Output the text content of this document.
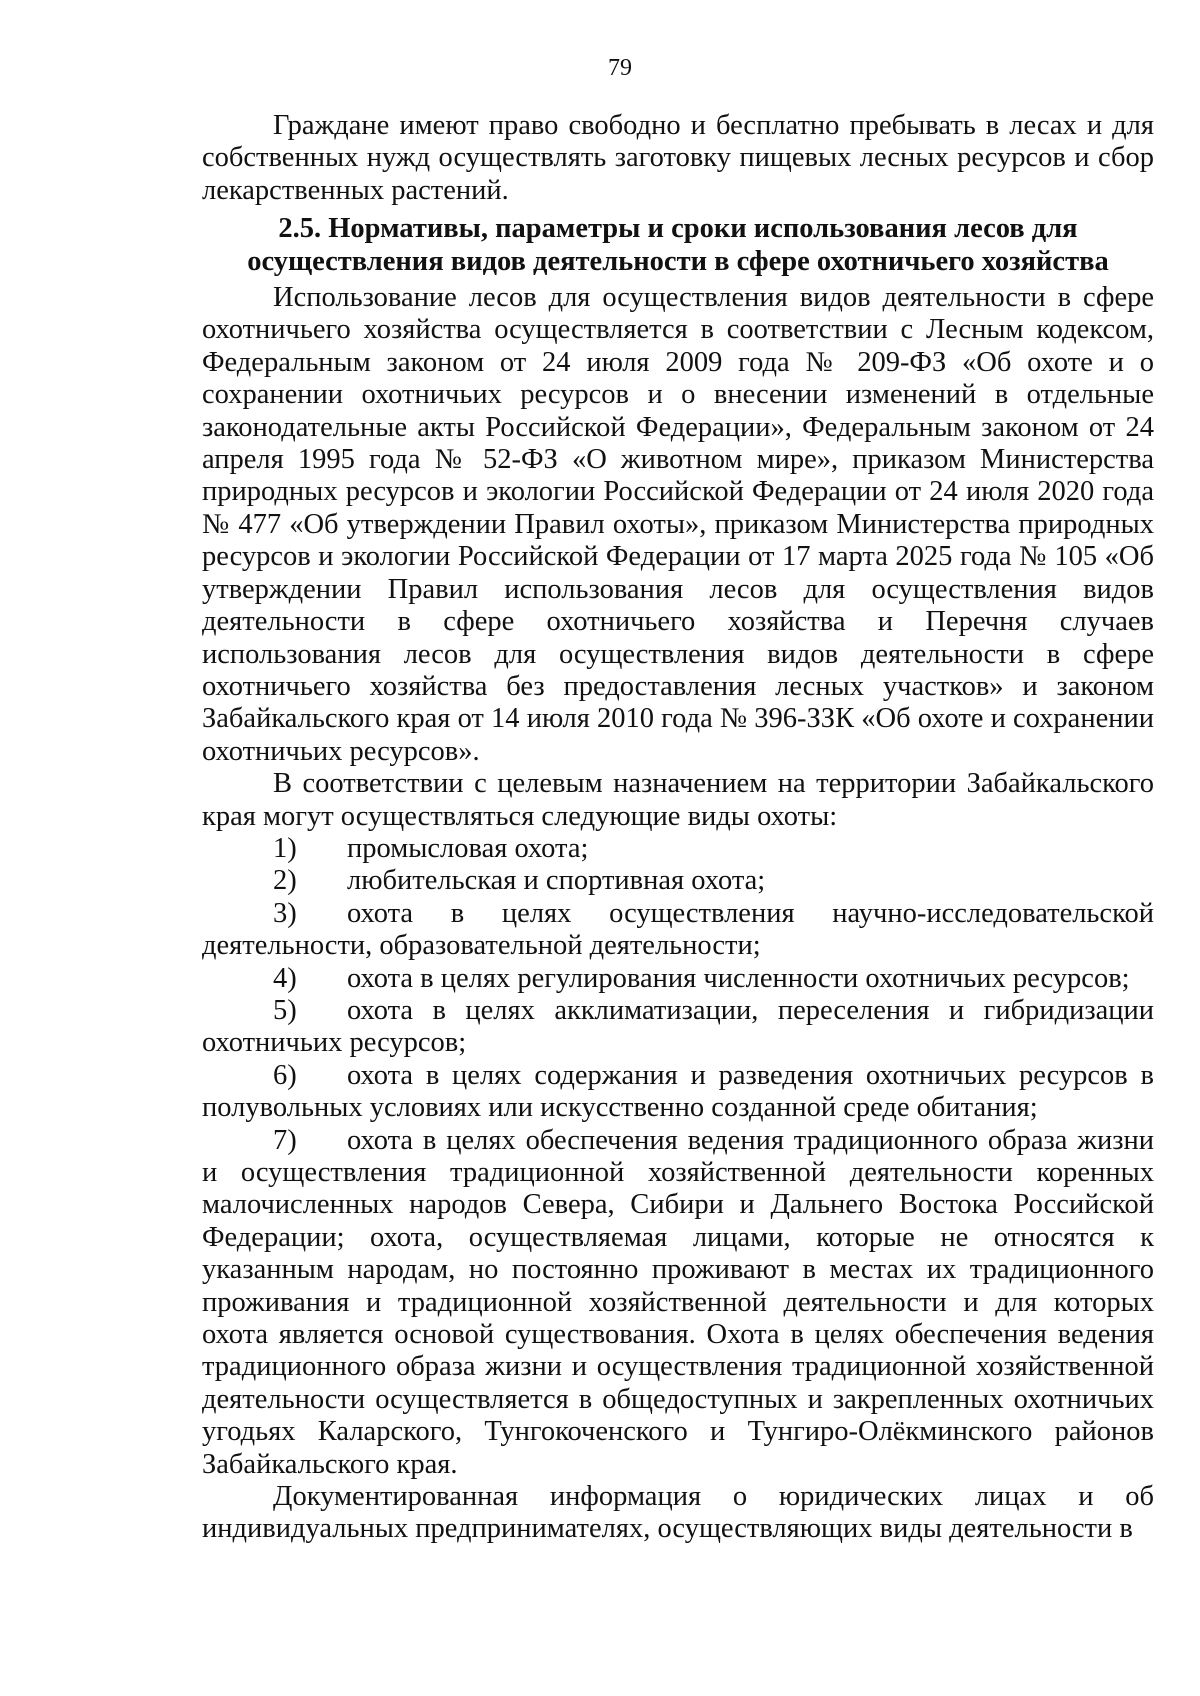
79

Граждане имеют право свободно и бесплатно пребывать в лесах и для собственных нужд осуществлять заготовку пищевых лесных ресурсов и сбор лекарственных растений.

2.5. Нормативы, параметры и сроки использования лесов для
осуществления видов деятельности в сфере охотничьего хозяйства

Использование лесов для осуществления видов деятельности в сфере охотничьего хозяйства осуществляется в соответствии с Лесным кодексом, Федеральным законом от 24 июля 2009 года № 209-ФЗ «Об охоте и о сохранении охотничьих ресурсов и о внесении изменений в отдельные законодательные акты Российской Федерации», Федеральным законом от 24 апреля 1995 года № 52-ФЗ «О животном мире», приказом Министерства природных ресурсов и экологии Российской Федерации от 24 июля 2020 года № 477 «Об утверждении Правил охоты», приказом Министерства природных ресурсов и экологии Российской Федерации от 17 марта 2025 года № 105 «Об утверждении Правил использования лесов для осуществления видов деятельности в сфере охотничьего хозяйства и Перечня случаев использования лесов для осуществления видов деятельности в сфере охотничьего хозяйства без предоставления лесных участков» и законом Забайкальского края от 14 июля 2010 года № 396-ЗЗК «Об охоте и сохранении охотничьих ресурсов».

В соответствии с целевым назначением на территории Забайкальского края могут осуществляться следующие виды охоты:

1) промысловая охота;

2) любительская и спортивная охота;

3) охота в целях осуществления научно-исследовательской деятельности, образовательной деятельности;

4) охота в целях регулирования численности охотничьих ресурсов;

5) охота в целях акклиматизации, переселения и гибридизации охотничьих ресурсов;

6) охота в целях содержания и разведения охотничьих ресурсов в полувольных условиях или искусственно созданной среде обитания;

7) охота в целях обеспечения ведения традиционного образа жизни и осуществления традиционной хозяйственной деятельности коренных малочисленных народов Севера, Сибири и Дальнего Востока Российской Федерации; охота, осуществляемая лицами, которые не относятся к указанным народам, но постоянно проживают в местах их традиционного проживания и традиционной хозяйственной деятельности и для которых охота является основой существования. Охота в целях обеспечения ведения традиционного образа жизни и осуществления традиционной хозяйственной деятельности осуществляется в общедоступных и закрепленных охотничьих угодьях Каларского, Тунгокоченского и Тунгиро-Олёкминского районов Забайкальского края.

Документированная информация о юридических лицах и об индивидуальных предпринимателях, осуществляющих виды деятельности в
